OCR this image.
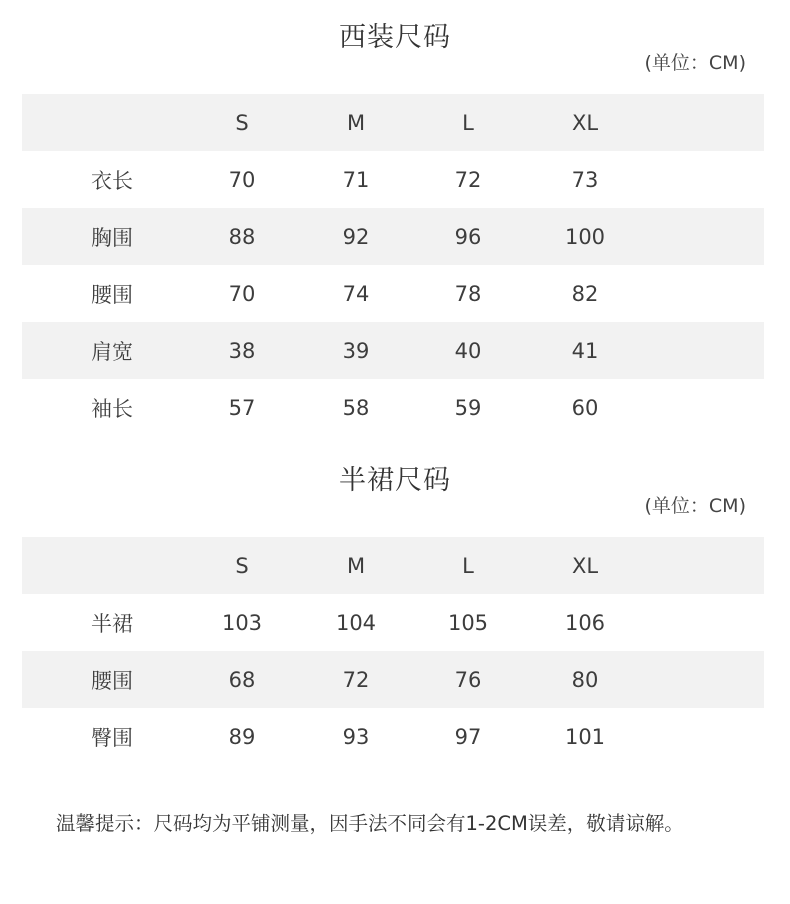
西装尺码
(单位：CM)
	S	M	L	XL	
衣长	70	71	72	73	
胸围	88	92	96	100	
腰围	70	74	78	82	
肩宽	38	39	40	41	
袖长	57	58	59	60	
半裙尺码
(单位：CM)
	S	M	L	XL	
半裙	103	104	105	106	
腰围	68	72	76	80	
臀围	89	93	97	101	
温馨提示：尺码均为平铺测量，因手法不同会有1-2CM误差，敬请谅解。
